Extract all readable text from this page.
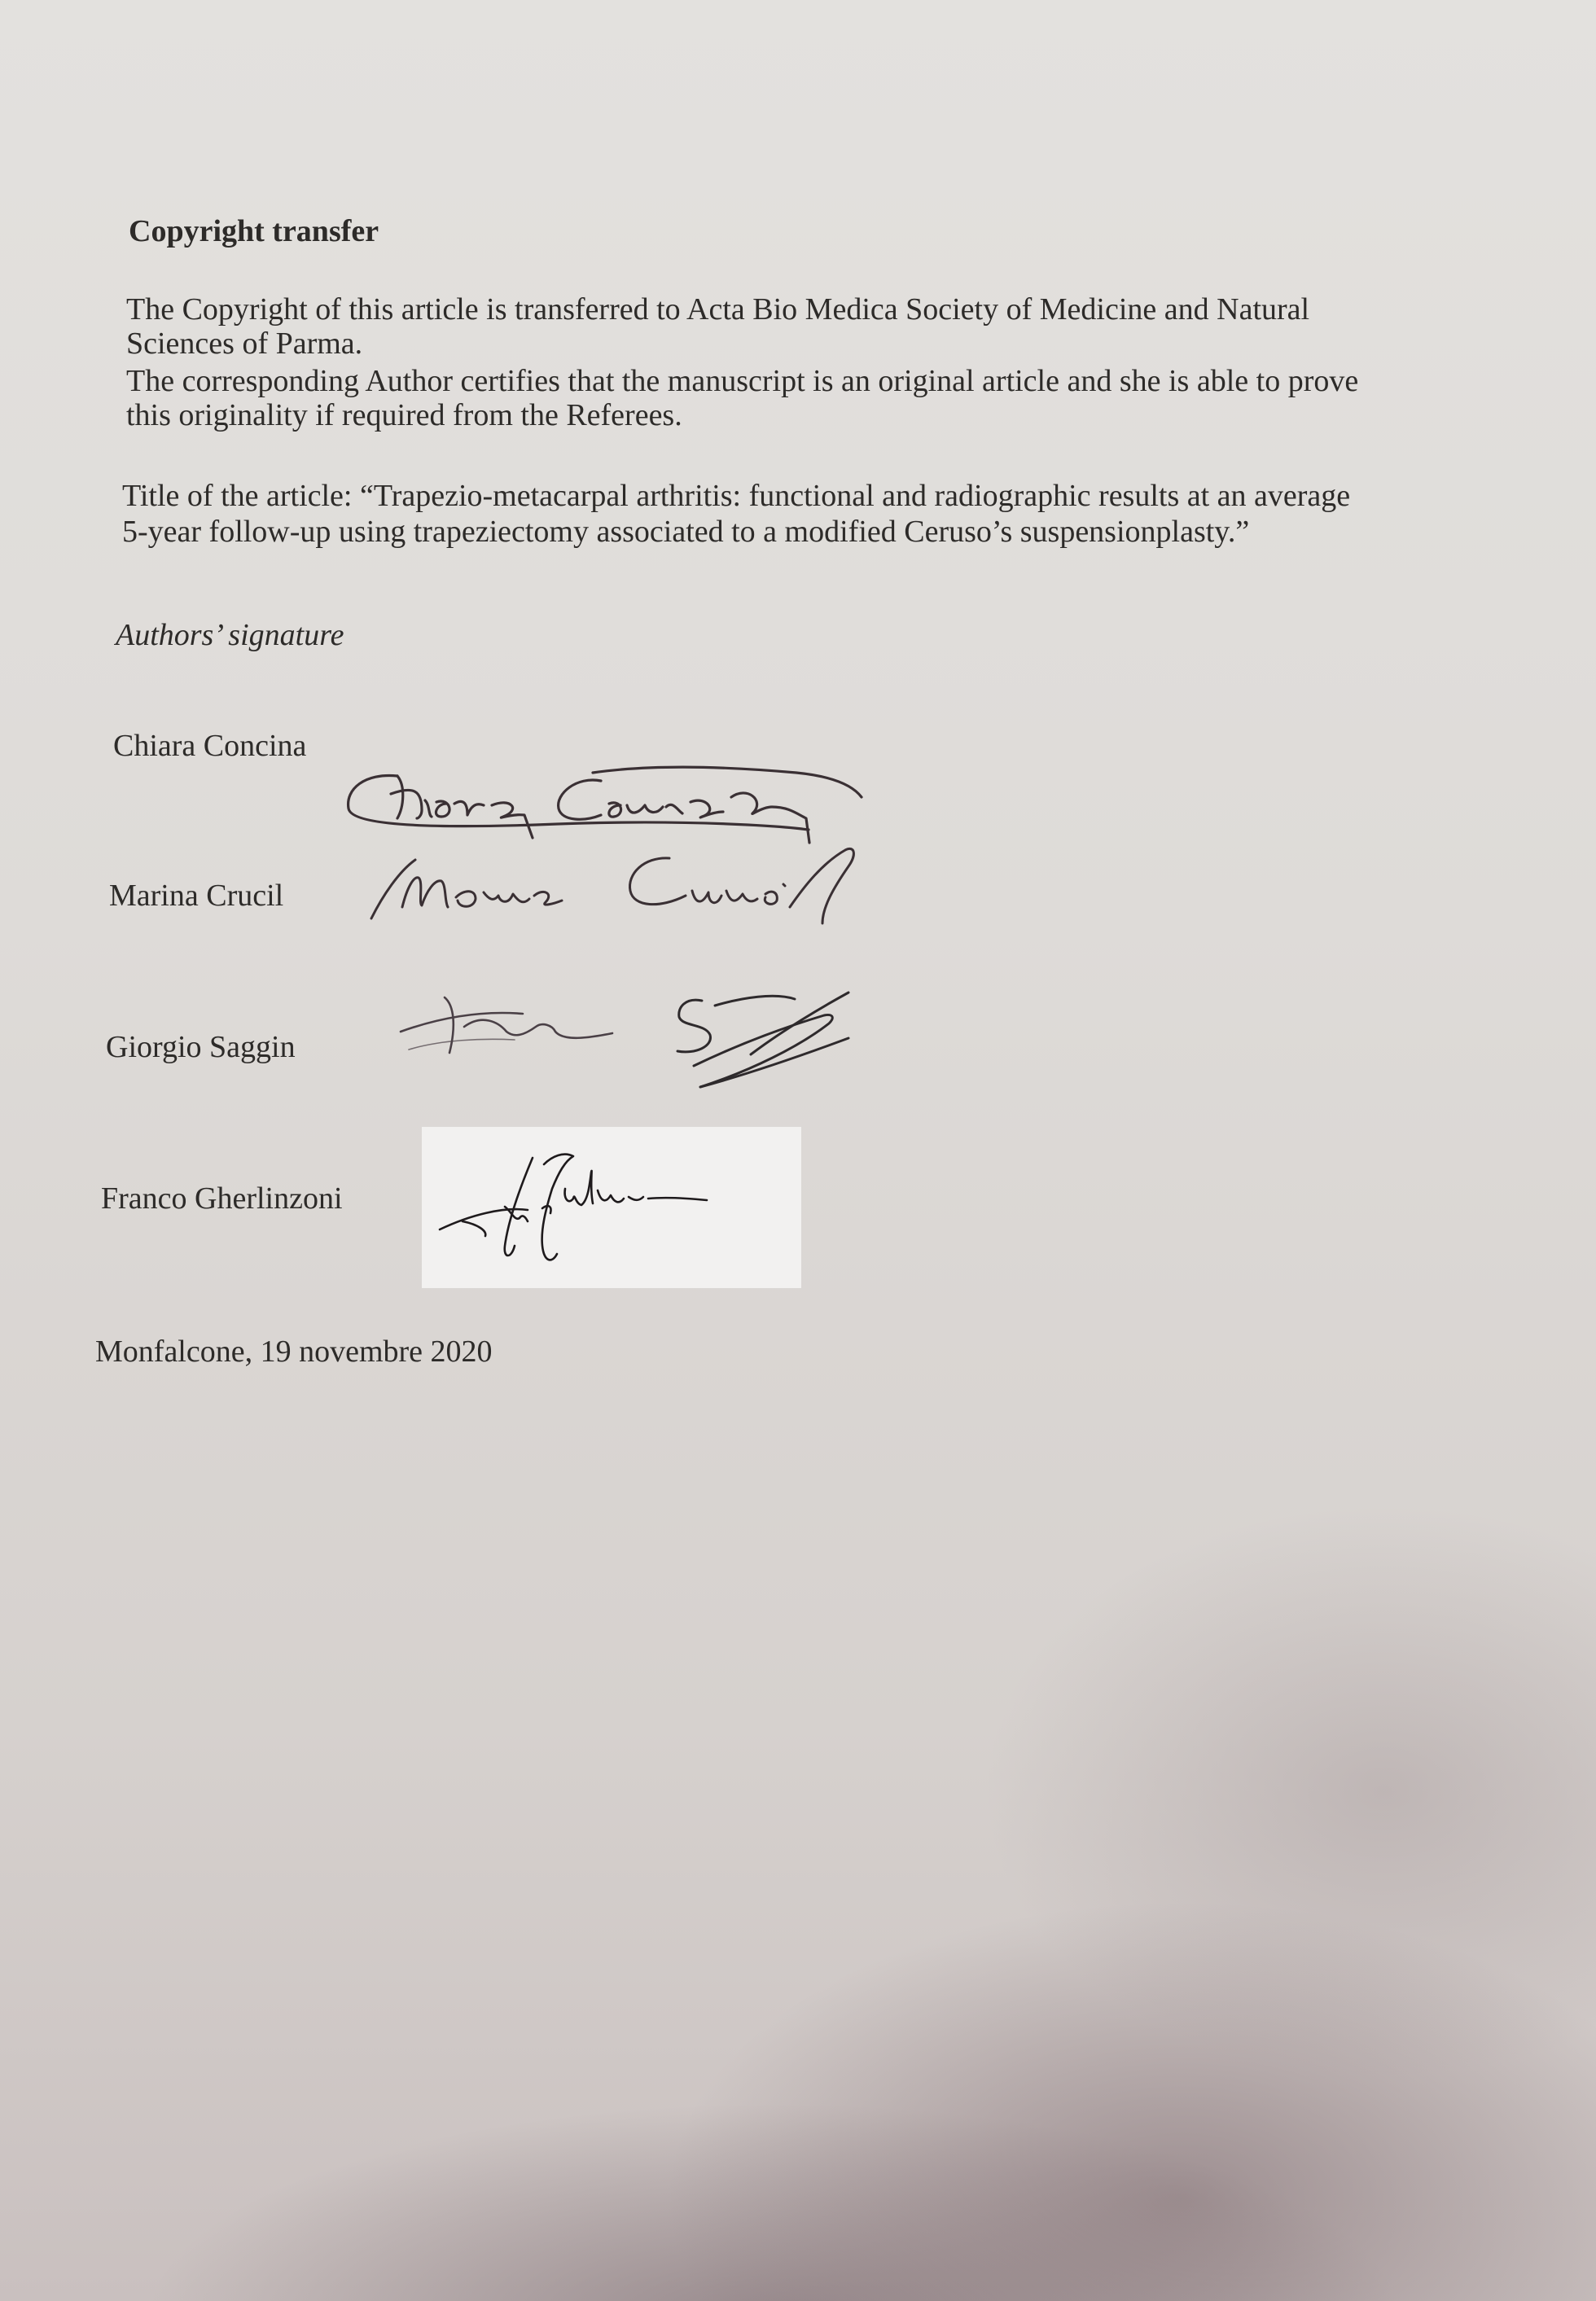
Copyright transfer
The Copyright of this article is transferred to Acta Bio Medica Society of Medicine and Natural
Sciences of Parma.
The corresponding Author certifies that the manuscript is an original article and she is able to prove
this originality if required from the Referees.
Title of the article: “Trapezio-metacarpal arthritis: functional and radiographic results at an average
5-year follow-up using trapeziectomy associated to a modified Ceruso’s suspensionplasty.”
Authors’ signature
Chiara Concina
Marina Crucil
Giorgio Saggin
Franco Gherlinzoni
Monfalcone, 19 novembre 2020
